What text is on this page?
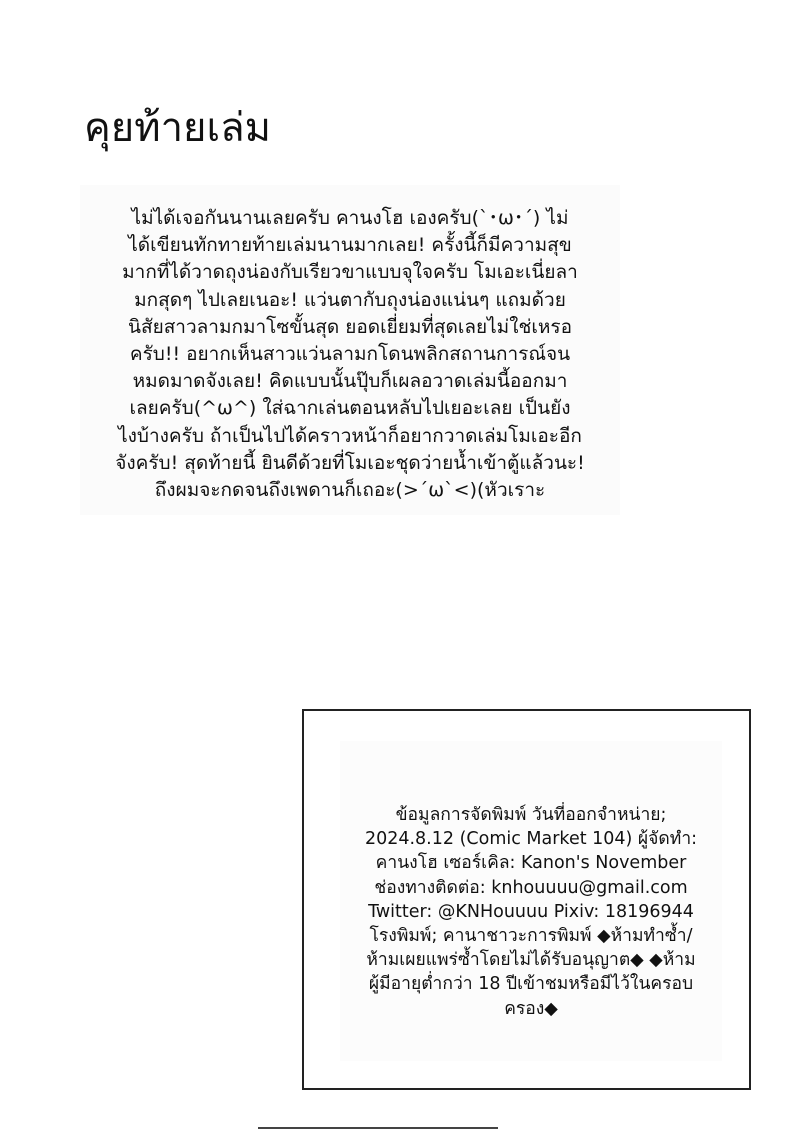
คุยท้ายเล่ม
ไม่ได้เจอกันนานเลยครับ คานงโฮ เองครับ(`･ω･´) ไม่
ได้เขียนทักทายท้ายเล่มนานมากเลย! ครั้งนี้ก็มีความสุข
มากที่ได้วาดถุงน่องกับเรียวขาแบบจุใจครับ โมเอะเนี่ยลา
มกสุดๆ ไปเลยเนอะ! แว่นตากับถุงน่องแน่นๆ แถมด้วย
นิสัยสาวลามกมาโซขั้นสุด ยอดเยี่ยมที่สุดเลยไม่ใช่เหรอ
ครับ!! อยากเห็นสาวแว่นลามกโดนพลิกสถานการณ์จน
หมดมาดจังเลย! คิดแบบนั้นปุ๊บก็เผลอวาดเล่มนี้ออกมา
เลยครับ(^ω^) ใส่ฉากเล่นตอนหลับไปเยอะเลย เป็นยัง
ไงบ้างครับ ถ้าเป็นไปได้คราวหน้าก็อยากวาดเล่มโมเอะอีก
จังครับ! สุดท้ายนี้ ยินดีด้วยที่โมเอะชุดว่ายน้ำเข้าตู้แล้วนะ!
ถึงผมจะกดจนถึงเพดานก็เถอะ(>´ω`<)(หัวเราะ
ข้อมูลการจัดพิมพ์ วันที่ออกจำหน่าย;
2024.8.12 (Comic Market 104) ผู้จัดทำ:
คานงโฮ เซอร์เคิล: Kanon's November
ช่องทางติดต่อ: knhouuuu@gmail.com
Twitter: @KNHouuuu Pixiv: 18196944
โรงพิมพ์; คานาชาวะการพิมพ์ ◆ห้ามทำซ้ำ/
ห้ามเผยแพร่ซ้ำโดยไม่ได้รับอนุญาต◆ ◆ห้าม
ผู้มีอายุต่ำกว่า 18 ปีเข้าชมหรือมีไว้ในครอบ
ครอง◆
